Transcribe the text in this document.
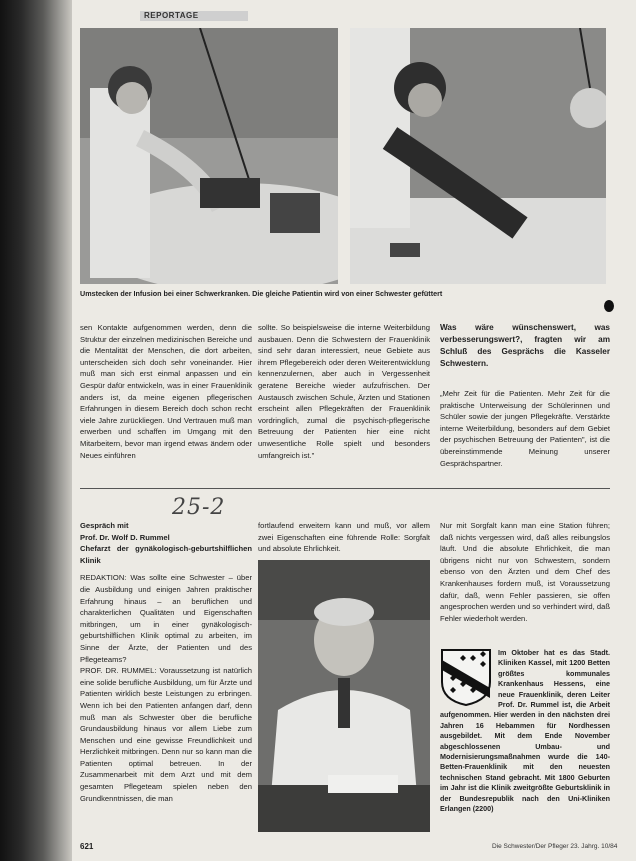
REPORTAGE
Umstecken der Infusion bei einer Schwerkranken. Die gleiche Patientin wird von einer Schwester gefüttert

sen Kontakte aufgenommen werden, denn die Struktur der einzelnen medizinischen Bereiche und die Mentalität der Menschen, die dort arbeiten, unterscheiden sich doch sehr voneinander. Hier muß man sich erst einmal anpassen und ein Gespür dafür entwickeln, was in einer Frauenklinik anders ist, da meine eigenen pflegerischen Erfahrungen in diesem Bereich doch schon recht viele Jahre zurückliegen. Und Vertrauen muß man erwerben und schaffen im Umgang mit den Mitarbeitern, bevor man irgend etwas ändern oder Neues einführen

sollte. So beispielsweise die interne Weiterbildung ausbauen. Denn die Schwestern der Frauenklinik sind sehr daran interessiert, neue Gebiete aus ihrem Pflegebereich oder deren Weiterentwicklung kennenzulernen, aber auch in Vergessenheit geratene Bereiche wieder aufzufrischen. Der Austausch zwischen Schule, Ärzten und Stationen erscheint allen Pflegekräften der Frauenklinik vordringlich, zumal die psychisch-pflegerische Betreuung der Patienten hier eine nicht unwesentliche Rolle spielt und besonders umfangreich ist."

Was wäre wünschenswert, was verbesserungswert?, fragten wir am Schluß des Gesprächs die Kasseler Schwestern.

„Mehr Zeit für die Patienten. Mehr Zeit für die praktische Unterweisung der Schülerinnen und Schüler sowie der jungen Pflegekräfte. Verstärkte interne Weiterbildung, besonders auf dem Gebiet der psychischen Betreuung der Patienten", ist die übereinstimmende Meinung unserer Gesprächspartner.

25-2

Gespräch mit

Prof. Dr. Wolf D. Rummel

Chefarzt der gynäkologisch-geburtshilflichen Klinik

REDAKTION: Was sollte eine Schwester – über die Ausbildung und einigen Jahren praktischer Erfahrung hinaus – an beruflichen und charakterlichen Qualitäten und Eigenschaften mitbringen, um in einer gynäkologisch-geburtshilflichen Klinik optimal zu arbeiten, im Sinne der Ärzte, der Patienten und des Pflegeteams?
PROF. DR. RUMMEL: Voraussetzung ist natürlich eine solide berufliche Ausbildung, um für Ärzte und Patienten wirklich beste Leistungen zu erbringen. Wenn ich bei den Patienten anfangen darf, denn muß man als Schwester über die berufliche Grundausbildung hinaus vor allem Liebe zum Menschen und eine gewisse Freundlichkeit und Herzlichkeit mitbringen. Denn nur so kann man die Patienten optimal betreuen. In der Zusammenarbeit mit dem Arzt und mit dem gesamten Pflegeteam spielen neben den Grundkenntnissen, die man

fortlaufend erweitern kann und muß, vor allem zwei Eigenschaften eine führende Rolle: Sorgfalt und absolute Ehrlichkeit.

Nur mit Sorgfalt kann man eine Station führen; daß nichts vergessen wird, daß alles reibungslos läuft. Und die absolute Ehrlichkeit, die man übrigens nicht nur von Schwestern, sondern ebenso von den Ärzten und dem Chef des Krankenhauses fordern muß, ist Voraussetzung dafür, daß, wenn Fehler passieren, sie offen angesprochen werden und so verhindert wird, daß Fehler wiederholt werden.

Im Oktober hat es das Stadt. Kliniken Kassel, mit 1200 Betten größtes kommunales Krankenhaus Hessens, eine neue Frauenklinik, deren Leiter Prof. Dr. Rummel ist, die Arbeit aufgenommen. Hier werden in den nächsten drei Jahren 16 Hebammen für Nordhessen ausgebildet. Mit dem Ende November abgeschlossenen Umbau- und Modernisierungsmaßnahmen wurde die 140-Betten-Frauenklinik mit den neuesten technischen Stand gebracht. Mit 1800 Geburten im Jahr ist die Klinik zweitgrößte Geburtsklinik in der Bundesrepublik nach den Uni-Kliniken Erlangen (2200)

621	Die Schwester/Der Pfleger 23. Jahrg. 10/84
